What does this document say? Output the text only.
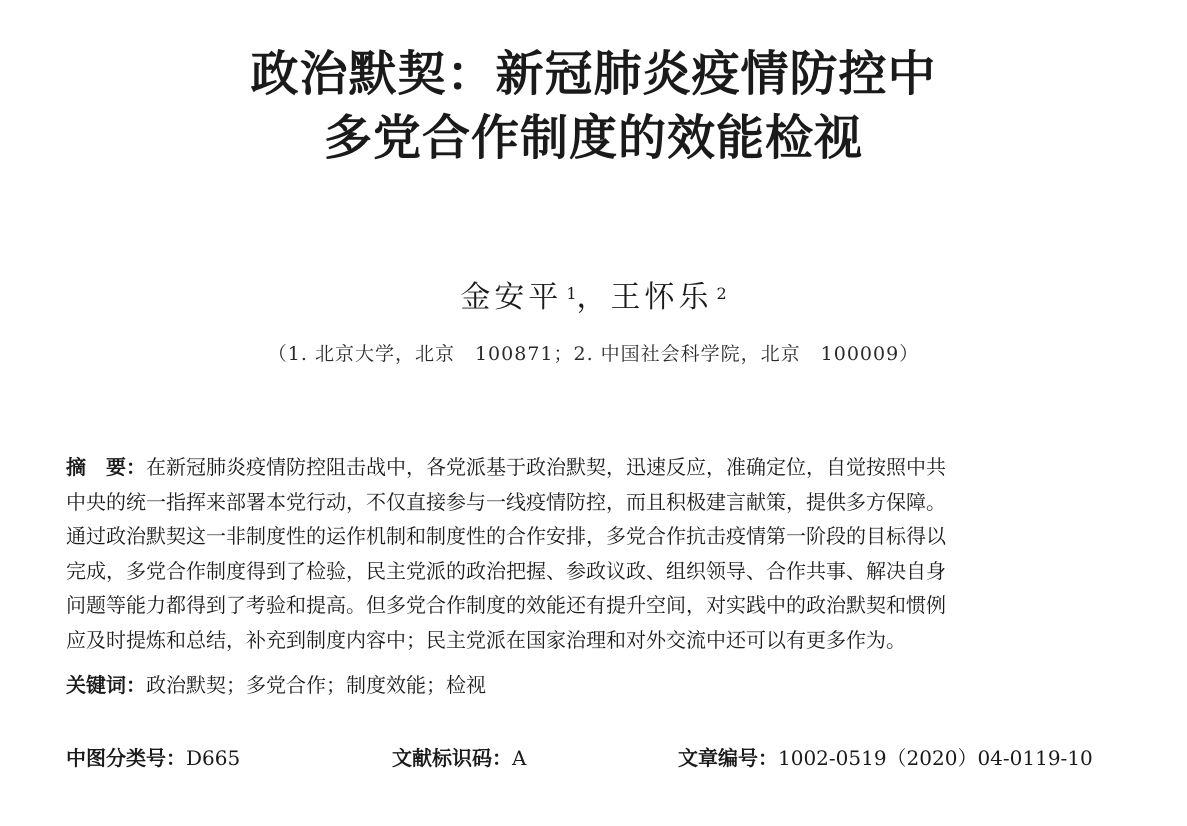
政治默契：新冠肺炎疫情防控中
多党合作制度的效能检视
金安平 $^1$，王怀乐 $^2$
（1. 北京大学，北京　100871；2. 中国社会科学院，北京　100009）
摘　要：在新冠肺炎疫情防控阻击战中，各党派基于政治默契，迅速反应，准确定位，自觉按照中共
中央的统一指挥来部署本党行动，不仅直接参与一线疫情防控，而且积极建言献策，提供多方保障。
通过政治默契这一非制度性的运作机制和制度性的合作安排，多党合作抗击疫情第一阶段的目标得以
完成，多党合作制度得到了检验，民主党派的政治把握、参政议政、组织领导、合作共事、解决自身
问题等能力都得到了考验和提高。但多党合作制度的效能还有提升空间，对实践中的政治默契和惯例
应及时提炼和总结，补充到制度内容中；民主党派在国家治理和对外交流中还可以有更多作为。
关键词：政治默契；多党合作；制度效能；检视
中图分类号：D665	文献标识码：A	文章编号：1002-0519（2020）04-0119-10
